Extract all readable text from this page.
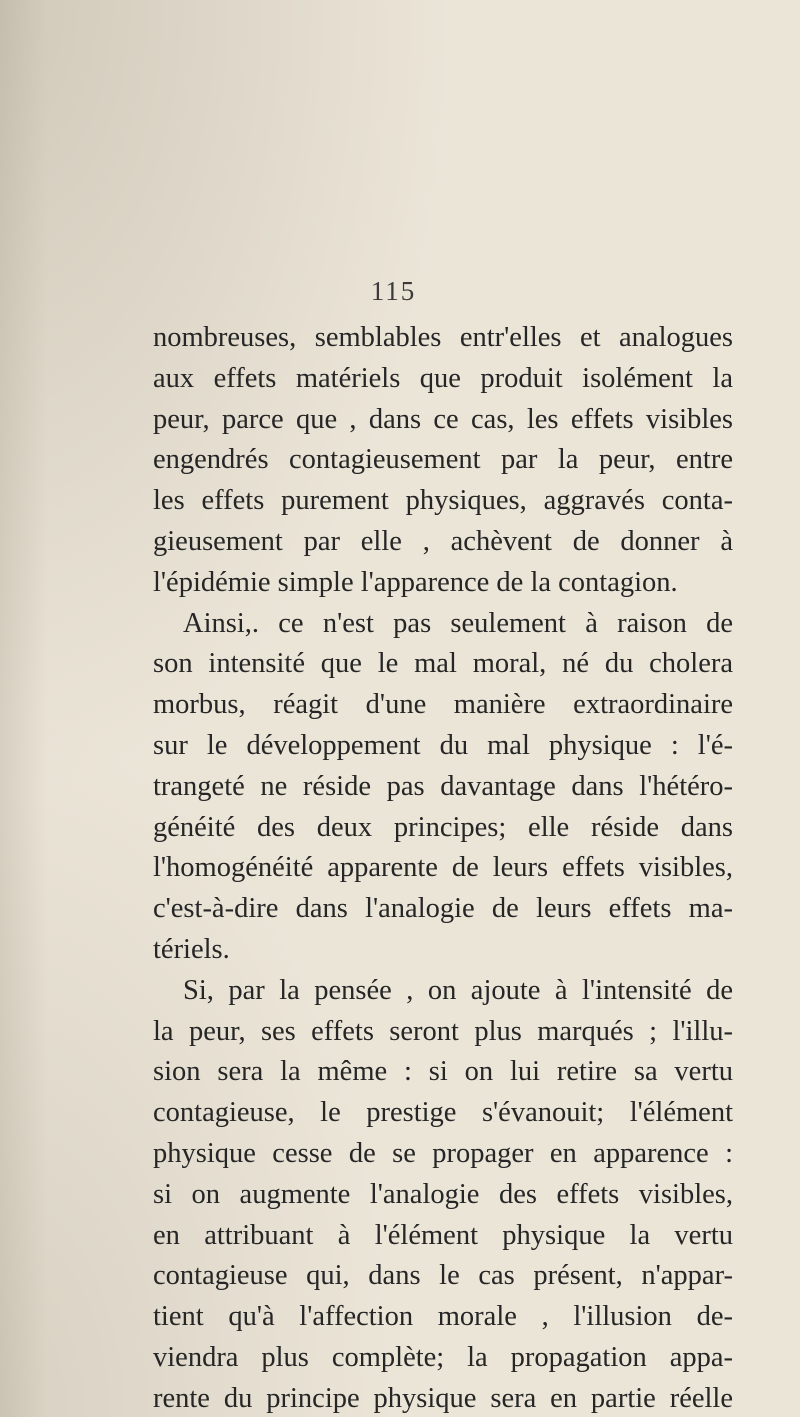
115
nombreuses, semblables entr'elles et analogues
aux effets matériels que produit isolément la
peur, parce que , dans ce cas, les effets visibles
engendrés contagieusement par la peur, entre
les effets purement physiques, aggravés conta-
gieusement par elle , achèvent de donner à
l'épidémie simple l'apparence de la contagion.
Ainsi,. ce n'est pas seulement à raison de
son intensité que le mal moral, né du cholera
morbus, réagit d'une manière extraordinaire
sur le développement du mal physique : l'é-
trangeté ne réside pas davantage dans l'hétéro-
généité des deux principes; elle réside dans
l'homogénéité apparente de leurs effets visibles,
c'est-à-dire dans l'analogie de leurs effets ma-
tériels.
Si, par la pensée , on ajoute à l'intensité de
la peur, ses effets seront plus marqués ; l'illu-
sion sera la même : si on lui retire sa vertu
contagieuse, le prestige s'évanouit; l'élément
physique cesse de se propager en apparence :
si on augmente l'analogie des effets visibles,
en attribuant à l'élément physique la vertu
contagieuse qui, dans le cas présent, n'appar-
tient qu'à l'affection morale , l'illusion de-
viendra plus complète; la propagation appa-
rente du principe physique sera en partie réelle
